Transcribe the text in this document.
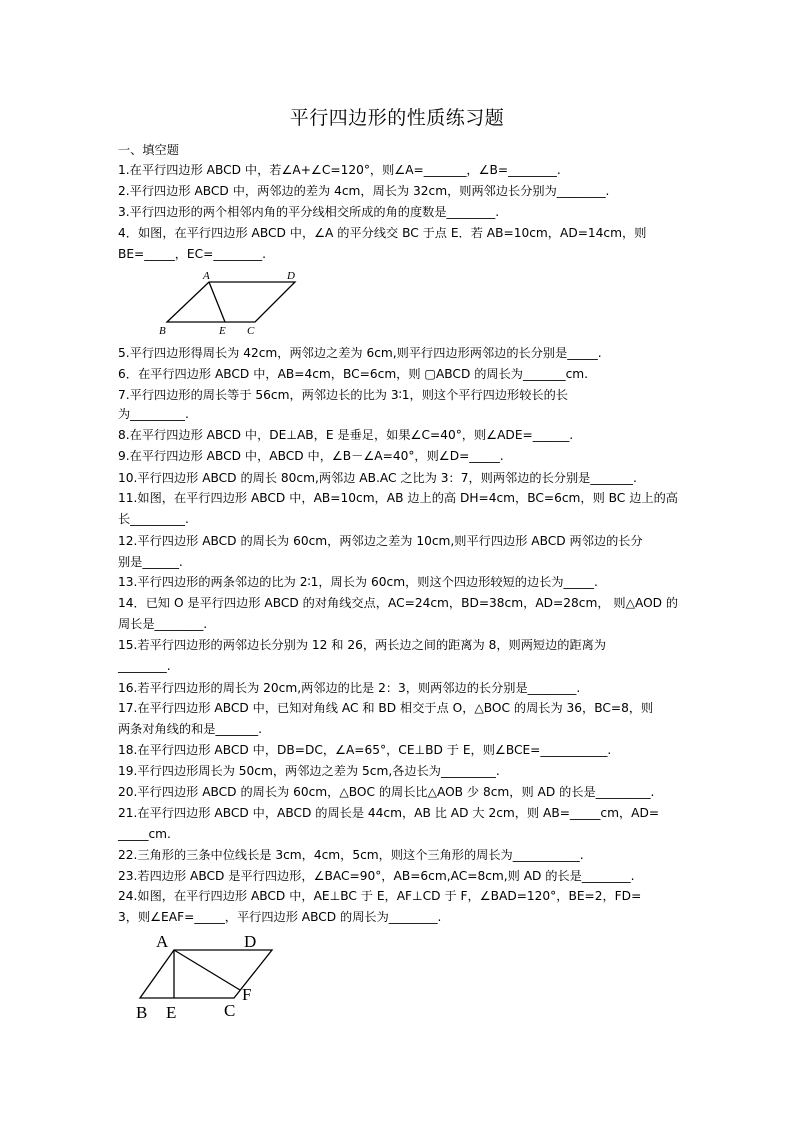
平行四边形的性质练习题
一、填空题
1.在平行四边形 ABCD 中，若∠A+∠C=120°，则∠A=_______，∠B=________.
2.平行四边形 ABCD 中，两邻边的差为 4cm，周长为 32cm，则两邻边长分别为________.
3.平行四边形的两个相邻内角的平分线相交所成的角的度数是________.
4．如图，在平行四边形 ABCD 中，∠A 的平分线交 BC 于点 E．若 AB=10cm，AD=14cm，则
BE=_____，EC=________.
A	D
B	E C
5.平行四边形得周长为 42cm，两邻边之差为 6cm,则平行四边形两邻边的长分别是_____.
6．在平行四边形 ABCD 中，AB=4cm，BC=6cm，则 ▢ABCD 的周长为_______cm.
7.平行四边形的周长等于 56cm，两邻边长的比为 3∶1，则这个平行四边形较长的长
为_________.
8.在平行四边形 ABCD 中，DE⊥AB，E 是垂足，如果∠C=40°，则∠ADE=______.
9.在平行四边形 ABCD 中，ABCD 中，∠B－∠A=40°，则∠D=_____.
10.平行四边形 ABCD 的周长 80cm,两邻边 AB.AC 之比为 3：7，则两邻边的长分别是_______.
11.如图，在平行四边形 ABCD 中，AB=10cm，AB 边上的高 DH=4cm，BC=6cm，则 BC 边上的高
长_________.
12.平行四边形 ABCD 的周长为 60cm，两邻边之差为 10cm,则平行四边形 ABCD 两邻边的长分
别是______.
13.平行四边形的两条邻边的比为 2∶1，周长为 60cm，则这个四边形较短的边长为_____.
14．已知 O 是平行四边形 ABCD 的对角线交点，AC=24cm，BD=38cm，AD=28cm， 则△AOD 的
周长是________.
15.若平行四边形的两邻边长分别为 12 和 26，两长边之间的距离为 8，则两短边的距离为
________.
16.若平行四边形的周长为 20cm,两邻边的比是 2：3，则两邻边的长分别是________.
17.在平行四边形 ABCD 中，已知对角线 AC 和 BD 相交于点 O，△BOC 的周长为 36，BC=8，则
两条对角线的和是_______.
18.在平行四边形 ABCD 中，DB=DC，∠A=65°，CE⊥BD 于 E，则∠BCE=___________.
19.平行四边形周长为 50cm，两邻边之差为 5cm,各边长为_________.
20.平行四边形 ABCD 的周长为 60cm，△BOC 的周长比△AOB 少 8cm，则 AD 的长是_________.
21.在平行四边形 ABCD 中，ABCD 的周长是 44cm，AB 比 AD 大 2cm，则 AB=_____cm，AD=
_____cm.
22.三角形的三条中位线长是 3cm，4cm，5cm，则这个三角形的周长为___________.
23.若四边形 ABCD 是平行四边形，∠BAC=90°，AB=6cm,AC=8cm,则 AD 的长是________.
24.如图，在平行四边形 ABCD 中，AE⊥BC 于 E，AF⊥CD 于 F，∠BAD=120°，BE=2，FD=
3，则∠EAF=_____，平行四边形 ABCD 的周长为________.
A	D
F
B E	C
